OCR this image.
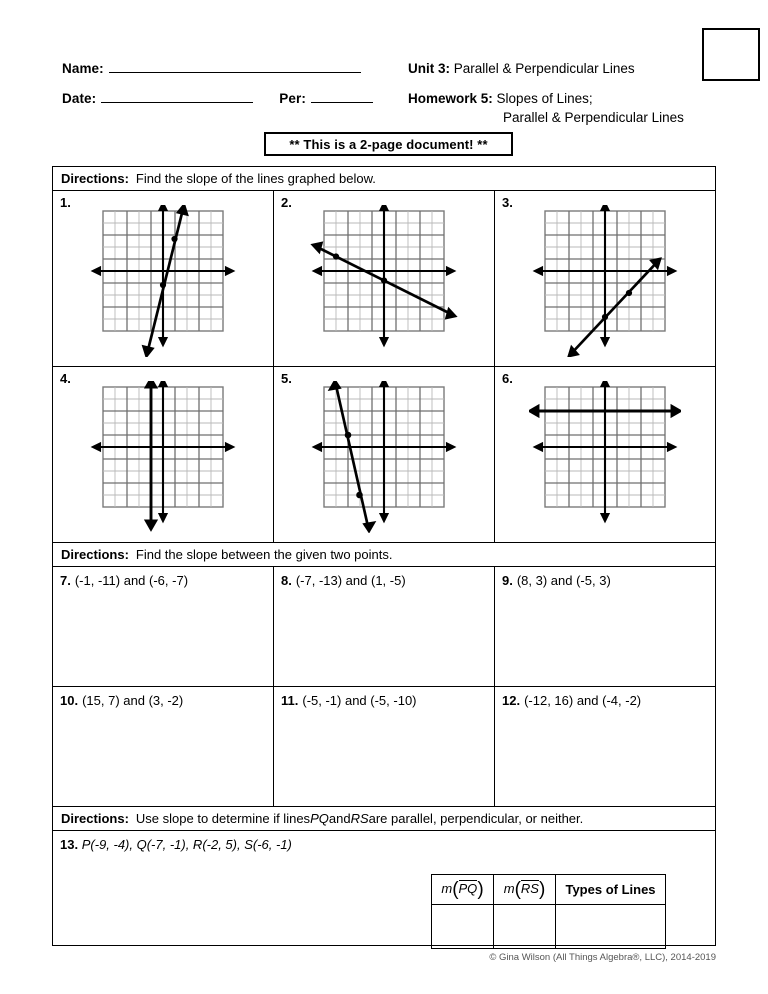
Name:
Date:	Per:
Unit 3: Parallel & Perpendicular Lines
Homework 5: Slopes of Lines;
Parallel & Perpendicular Lines
** This is a 2-page document! **
Directions: Find the slope of the lines graphed below.
1.	2.	3.
4.	5.	6.
Directions: Find the slope between the given two points.
7. (-1, -11) and (-6, -7)	8. (-7, -13) and (1, -5)	9. (8, 3) and (-5, 3)
10. (15, 7) and (3, -2)	11. (-5, -1) and (-5, -10)	12. (-12, 16) and (-4, -2)
Directions: Use slope to determine if lines PQ and RS are parallel, perpendicular, or neither.
13. P(-9, -4), Q(-7, -1), R(-2, 5), S(-6, -1)
m(PQ)	m(RS)	Types of Lines

© Gina Wilson (All Things Algebra®, LLC), 2014-2019
